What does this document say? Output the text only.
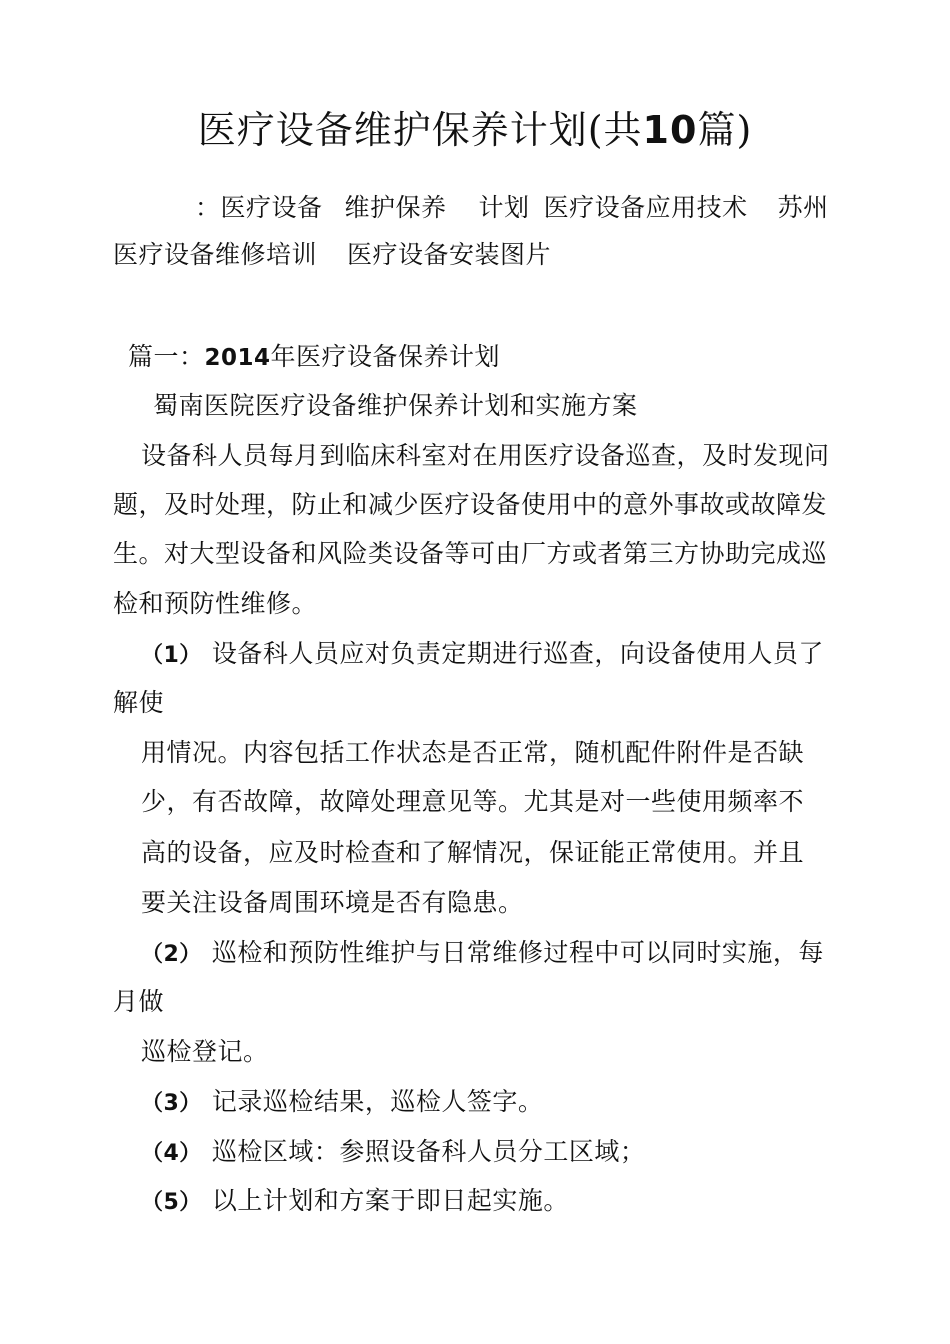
医疗设备维护保养计划(共10篇)
：医疗设备 维护保养 计划 医疗设备应用技术 苏州
医疗设备维修培训 医疗设备安装图片
篇一：2014年医疗设备保养计划
蜀南医院医疗设备维护保养计划和实施方案
设备科人员每月到临床科室对在用医疗设备巡查，及时发现问
题，及时处理，防止和减少医疗设备使用中的意外事故或故障发
生。对大型设备和风险类设备等可由厂方或者第三方协助完成巡
检和预防性维修。
（1） 设备科人员应对负责定期进行巡查，向设备使用人员了
解使
用情况。内容包括工作状态是否正常，随机配件附件是否缺
少，有否故障，故障处理意见等。尤其是对一些使用频率不
高的设备，应及时检查和了解情况，保证能正常使用。并且
要关注设备周围环境是否有隐患。
（2） 巡检和预防性维护与日常维修过程中可以同时实施，每
月做
巡检登记。
（3） 记录巡检结果，巡检人签字。
（4） 巡检区域：参照设备科人员分工区域；
（5） 以上计划和方案于即日起实施。
